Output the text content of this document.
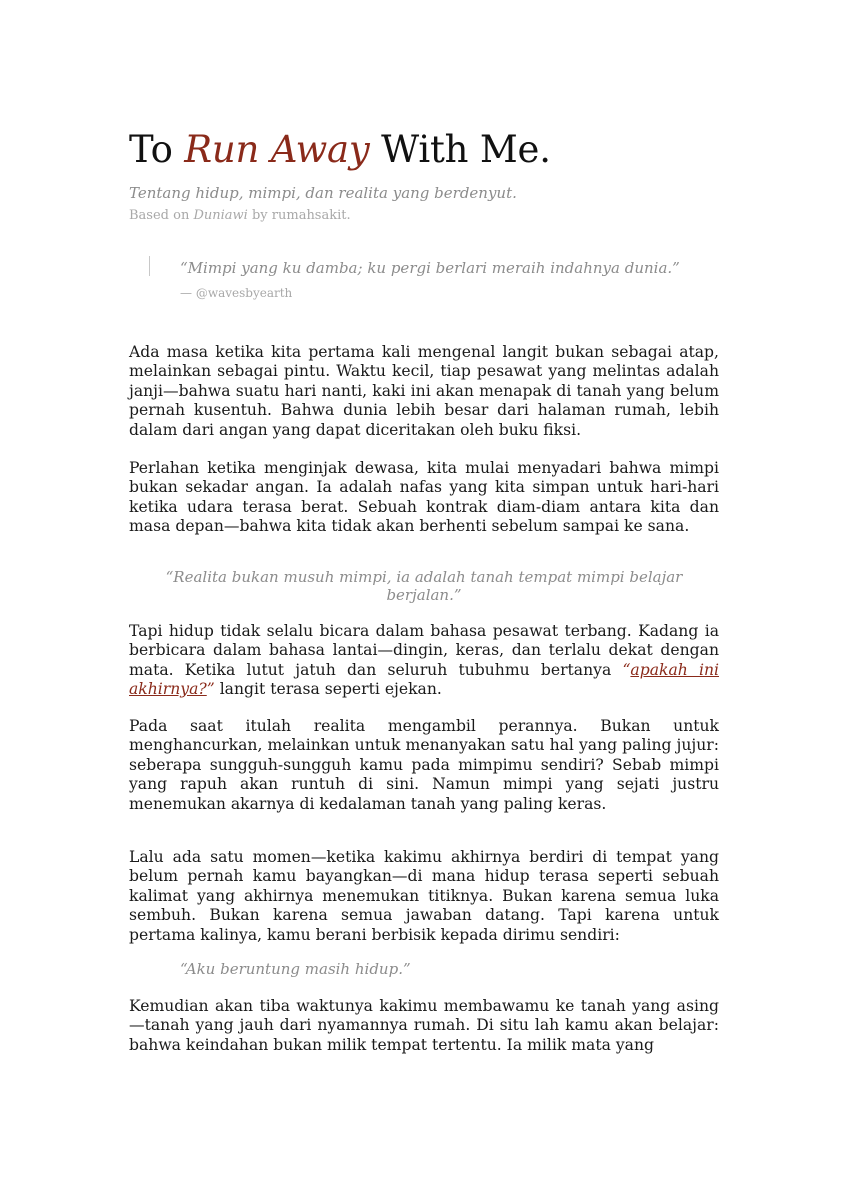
To Run Away With Me.
Tentang hidup, mimpi, dan realita yang berdenyut.
Based on Duniawi by rumahsakit.
“Mimpi yang ku damba; ku pergi berlari meraih indahnya dunia.”
— @wavesbyearth

Ada masa ketika kita pertama kali mengenal langit bukan sebagai atap, melainkan sebagai pintu. Waktu kecil, tiap pesawat yang melintas adalah janji—bahwa suatu hari nanti, kaki ini akan menapak di tanah yang belum pernah kusentuh. Bahwa dunia lebih besar dari halaman rumah, lebih dalam dari angan yang dapat diceritakan oleh buku fiksi.

Perlahan ketika menginjak dewasa, kita mulai menyadari bahwa mimpi bukan sekadar angan. Ia adalah nafas yang kita simpan untuk hari-hari ketika udara terasa berat. Sebuah kontrak diam-diam antara kita dan masa depan—bahwa kita tidak akan berhenti sebelum sampai ke sana.

“Realita bukan musuh mimpi, ia adalah tanah tempat mimpi belajar berjalan.”

Tapi hidup tidak selalu bicara dalam bahasa pesawat terbang. Kadang ia berbicara dalam bahasa lantai—dingin, keras, dan terlalu dekat dengan mata. Ketika lutut jatuh dan seluruh tubuhmu bertanya “apakah ini akhirnya?” langit terasa seperti ejekan.

Pada saat itulah realita mengambil perannya. Bukan untuk menghancurkan, melainkan untuk menanyakan satu hal yang paling jujur: seberapa sungguh-sungguh kamu pada mimpimu sendiri? Sebab mimpi yang rapuh akan runtuh di sini. Namun mimpi yang sejati justru menemukan akarnya di kedalaman tanah yang paling keras.

Lalu ada satu momen—ketika kakimu akhirnya berdiri di tempat yang belum pernah kamu bayangkan—di mana hidup terasa seperti sebuah kalimat yang akhirnya menemukan titiknya. Bukan karena semua luka sembuh. Bukan karena semua jawaban datang. Tapi karena untuk pertama kalinya, kamu berani berbisik kepada dirimu sendiri:

“Aku beruntung masih hidup.”

Kemudian akan tiba waktunya kakimu membawamu ke tanah yang asing—tanah yang jauh dari nyamannya rumah. Di situ lah kamu akan belajar: bahwa keindahan bukan milik tempat tertentu. Ia milik mata yang
